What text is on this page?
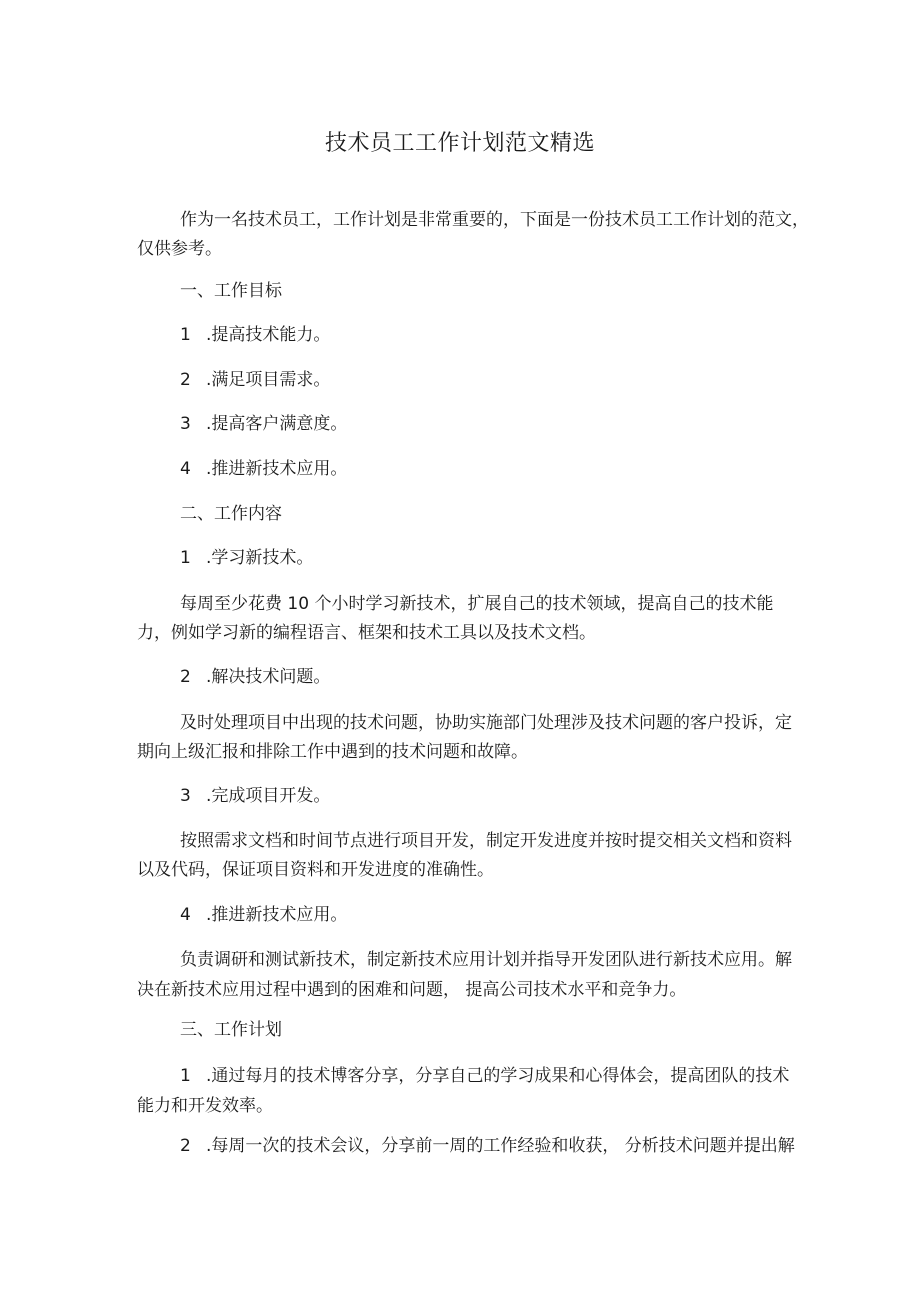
技术员工工作计划范文精选
作为一名技术员工，工作计划是非常重要的，下面是一份技术员工工作计划的范文，
仅供参考。
一、工作目标
1 .提高技术能力。
2 .满足项目需求。
3 .提高客户满意度。
4 .推进新技术应用。
二、工作内容
1 .学习新技术。
每周至少花费 10 个小时学习新技术，扩展自己的技术领域，提高自己的技术能
力，例如学习新的编程语言、框架和技术工具以及技术文档。
2 .解决技术问题。
及时处理项目中出现的技术问题，协助实施部门处理涉及技术问题的客户投诉，定
期向上级汇报和排除工作中遇到的技术问题和故障。
3 .完成项目开发。
按照需求文档和时间节点进行项目开发，制定开发进度并按时提交相关文档和资料
以及代码，保证项目资料和开发进度的准确性。
4 .推进新技术应用。
负责调研和测试新技术，制定新技术应用计划并指导开发团队进行新技术应用。解
决在新技术应用过程中遇到的困难和问题， 提高公司技术水平和竞争力。
三、工作计划
1 .通过每月的技术博客分享，分享自己的学习成果和心得体会，提高团队的技术
能力和开发效率。
2 .每周一次的技术会议，分享前一周的工作经验和收获， 分析技术问题并提出解
